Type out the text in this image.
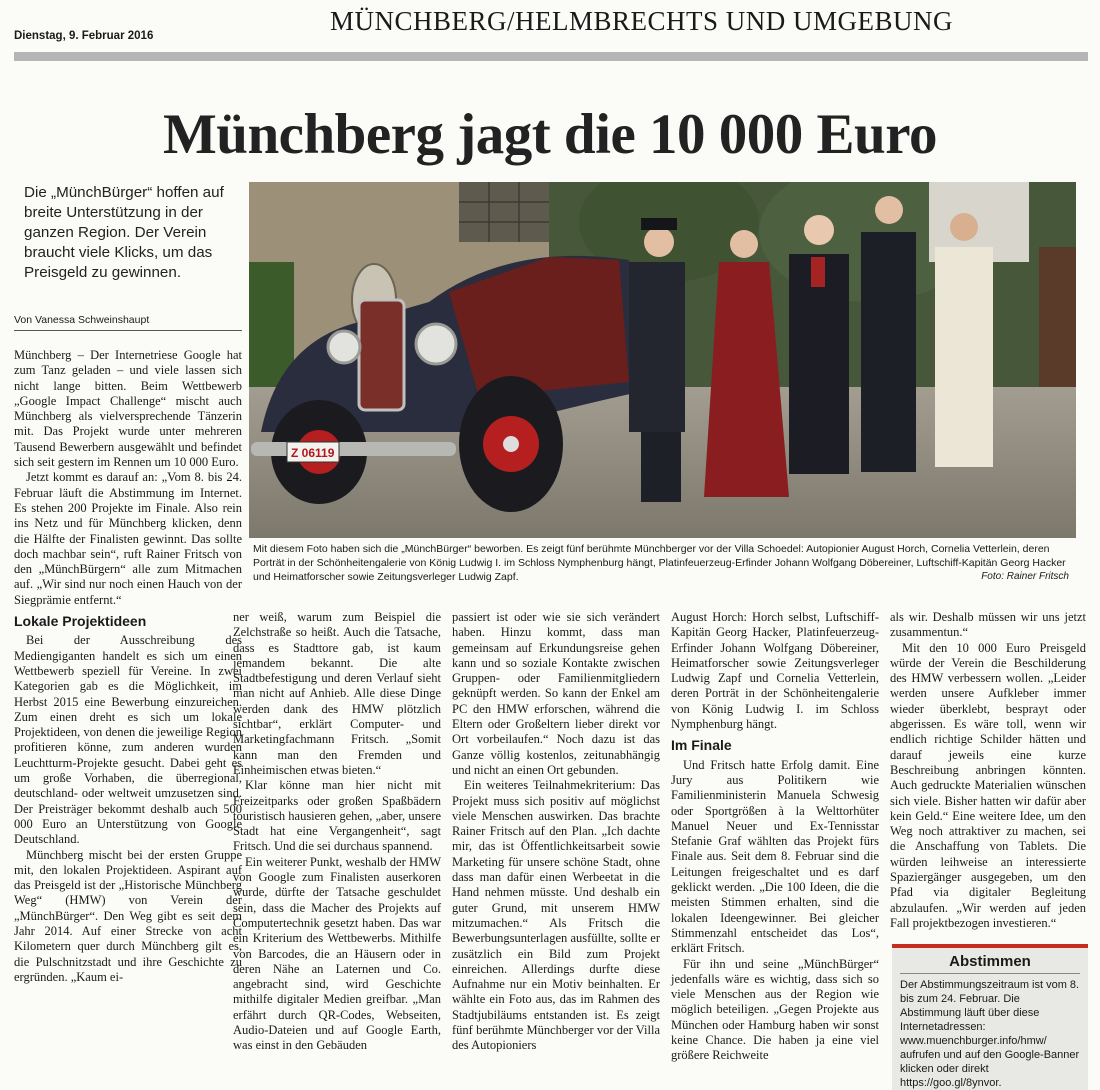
Dienstag, 9. Februar 2016	MÜNCHBERG/HELMBRECHTS UND UMGEBUNG
Münchberg jagt die 10 000 Euro
Die „MünchBürger“ hoffen auf breite Unterstützung in der ganzen Region. Der Verein braucht viele Klicks, um das Preisgeld zu gewinnen.
Von Vanessa Schweinshaupt
Z 06119
Mit diesem Foto haben sich die „MünchBürger“ beworben. Es zeigt fünf berühmte Münchberger vor der Villa Schoedel: Autopionier August Horch, Cornelia Vetterlein, deren Porträt in der Schönheitengalerie von König Ludwig I. im Schloss Nymphenburg hängt, Platinfeuerzeug-Erfinder Johann Wolfgang Döbereiner, Luftschiff-Kapitän Georg Hacker und Heimatforscher sowie Zeitungsverleger Ludwig Zapf.	Foto: Rainer Fritsch

Münchberg – Der Internetriese Google hat zum Tanz geladen – und viele lassen sich nicht lange bitten. Beim Wettbewerb „Google Impact Challenge“ mischt auch Münchberg als vielversprechende Tänzerin mit. Das Projekt wurde unter mehreren Tausend Bewerbern ausgewählt und befindet sich seit gestern im Rennen um 10 000 Euro.

Jetzt kommt es darauf an: „Vom 8. bis 24. Februar läuft die Abstimmung im Internet. Es stehen 200 Projekte im Finale. Also rein ins Netz und für Münchberg klicken, denn die Hälfte der Finalisten gewinnt. Das sollte doch machbar sein“, ruft Rainer Fritsch von den „MünchBürgern“ alle zum Mitmachen auf. „Wir sind nur noch einen Hauch von der Siegprämie entfernt.“

Lokale Projektideen

Bei der Ausschreibung des Mediengiganten handelt es sich um einen Wettbewerb speziell für Vereine. In zwei Kategorien gab es die Möglichkeit, im Herbst 2015 eine Bewerbung einzureichen. Zum einen dreht es sich um lokale Projektideen, von denen die jeweilige Region profitieren könne, zum anderen wurden Leuchtturm-Projekte gesucht. Dabei geht es um große Vorhaben, die überregional, deutschland- oder weltweit umzusetzen sind. Der Preisträger bekommt deshalb auch 500 000 Euro an Unterstützung von Google Deutschland.

Münchberg mischt bei der ersten Gruppe mit, den lokalen Projektideen. Aspirant auf das Preisgeld ist der „Historische Münchberg Weg“ (HMW) von Verein der „MünchBürger“. Den Weg gibt es seit dem Jahr 2014. Auf einer Strecke von acht Kilometern quer durch Münchberg gilt es, die Pulschnitzstadt und ihre Geschichte zu ergründen. „Kaum ei-

ner weiß, warum zum Beispiel die Zelchstraße so heißt. Auch die Tatsache, dass es Stadttore gab, ist kaum jemandem bekannt. Die alte Stadtbefestigung und deren Verlauf sieht man nicht auf Anhieb. Alle diese Dinge werden dank des HMW plötzlich sichtbar“, erklärt Computer- und Marketingfachmann Fritsch. „Somit kann man den Fremden und Einheimischen etwas bieten.“

Klar könne man hier nicht mit Freizeitparks oder großen Spaßbädern touristisch hausieren gehen, „aber, unsere Stadt hat eine Vergangenheit“, sagt Fritsch. Und die sei durchaus spannend.

Ein weiterer Punkt, weshalb der HMW von Google zum Finalisten auserkoren wurde, dürfte der Tatsache geschuldet sein, dass die Macher des Projekts auf Computertechnik gesetzt haben. Das war ein Kriterium des Wettbewerbs. Mithilfe von Barcodes, die an Häusern oder in deren Nähe an Laternen und Co. angebracht sind, wird Geschichte mithilfe digitaler Medien greifbar. „Man erfährt durch QR-Codes, Webseiten, Audio-Dateien und auf Google Earth, was einst in den Gebäuden

passiert ist oder wie sie sich verändert haben. Hinzu kommt, dass man gemeinsam auf Erkundungsreise gehen kann und so soziale Kontakte zwischen Gruppen- oder Familienmitgliedern geknüpft werden. So kann der Enkel am PC den HMW erforschen, während die Eltern oder Großeltern lieber direkt vor Ort vorbeilaufen.“ Noch dazu ist das Ganze völlig kostenlos, zeitunabhängig und nicht an einen Ort gebunden.

Ein weiteres Teilnahmekriterium: Das Projekt muss sich positiv auf möglichst viele Menschen auswirken. Das brachte Rainer Fritsch auf den Plan. „Ich dachte mir, das ist Öffentlichkeitsarbeit sowie Marketing für unsere schöne Stadt, ohne dass man dafür einen Werbeetat in die Hand nehmen müsste. Und deshalb ein guter Grund, mit unserem HMW mitzumachen.“ Als Fritsch die Bewerbungsunterlagen ausfüllte, sollte er zusätzlich ein Bild zum Projekt einreichen. Allerdings durfte diese Aufnahme nur ein Motiv beinhalten. Er wählte ein Foto aus, das im Rahmen des Stadtjubiläums entstanden ist. Es zeigt fünf berühmte Münchberger vor der Villa des Autopioniers

August Horch: Horch selbst, Luftschiff-Kapitän Georg Hacker, Platinfeuerzeug-Erfinder Johann Wolfgang Döbereiner, Heimatforscher sowie Zeitungsverleger Ludwig Zapf und Cornelia Vetterlein, deren Porträt in der Schönheitengalerie von König Ludwig I. im Schloss Nymphenburg hängt.

Im Finale

Und Fritsch hatte Erfolg damit. Eine Jury aus Politikern wie Familienministerin Manuela Schwesig oder Sportgrößen à la Welttorhüter Manuel Neuer und Ex-Tennisstar Stefanie Graf wählten das Projekt fürs Finale aus. Seit dem 8. Februar sind die Leitungen freigeschaltet und es darf geklickt werden. „Die 100 Ideen, die die meisten Stimmen erhalten, sind die lokalen Ideengewinner. Bei gleicher Stimmenzahl entscheidet das Los“, erklärt Fritsch.

Für ihn und seine „MünchBürger“ jedenfalls wäre es wichtig, dass sich so viele Menschen aus der Region wie möglich beteiligen. „Gegen Projekte aus München oder Hamburg haben wir sonst keine Chance. Die haben ja eine viel größere Reichweite

als wir. Deshalb müssen wir uns jetzt zusammentun.“

Mit den 10 000 Euro Preisgeld würde der Verein die Beschilderung des HMW verbessern wollen. „Leider werden unsere Aufkleber immer wieder überklebt, besprayt oder abgerissen. Es wäre toll, wenn wir endlich richtige Schilder hätten und darauf jeweils eine kurze Beschreibung anbringen könnten. Auch gedruckte Materialien wünschen sich viele. Bisher hatten wir dafür aber kein Geld.“ Eine weitere Idee, um den Weg noch attraktiver zu machen, sei die Anschaffung von Tablets. Die würden leihweise an interessierte Spaziergänger ausgegeben, um den Pfad via digitaler Begleitung abzulaufen. „Wir werden auf jeden Fall projektbezogen investieren.“

Abstimmen
Der Abstimmungszeitraum ist vom 8. bis zum 24. Februar. Die Abstimmung läuft über diese Internetadressen: www.muenchburger.info/hmw/ aufrufen und auf den Google-Banner klicken oder direkt https://goo.gl/8ynvor.
